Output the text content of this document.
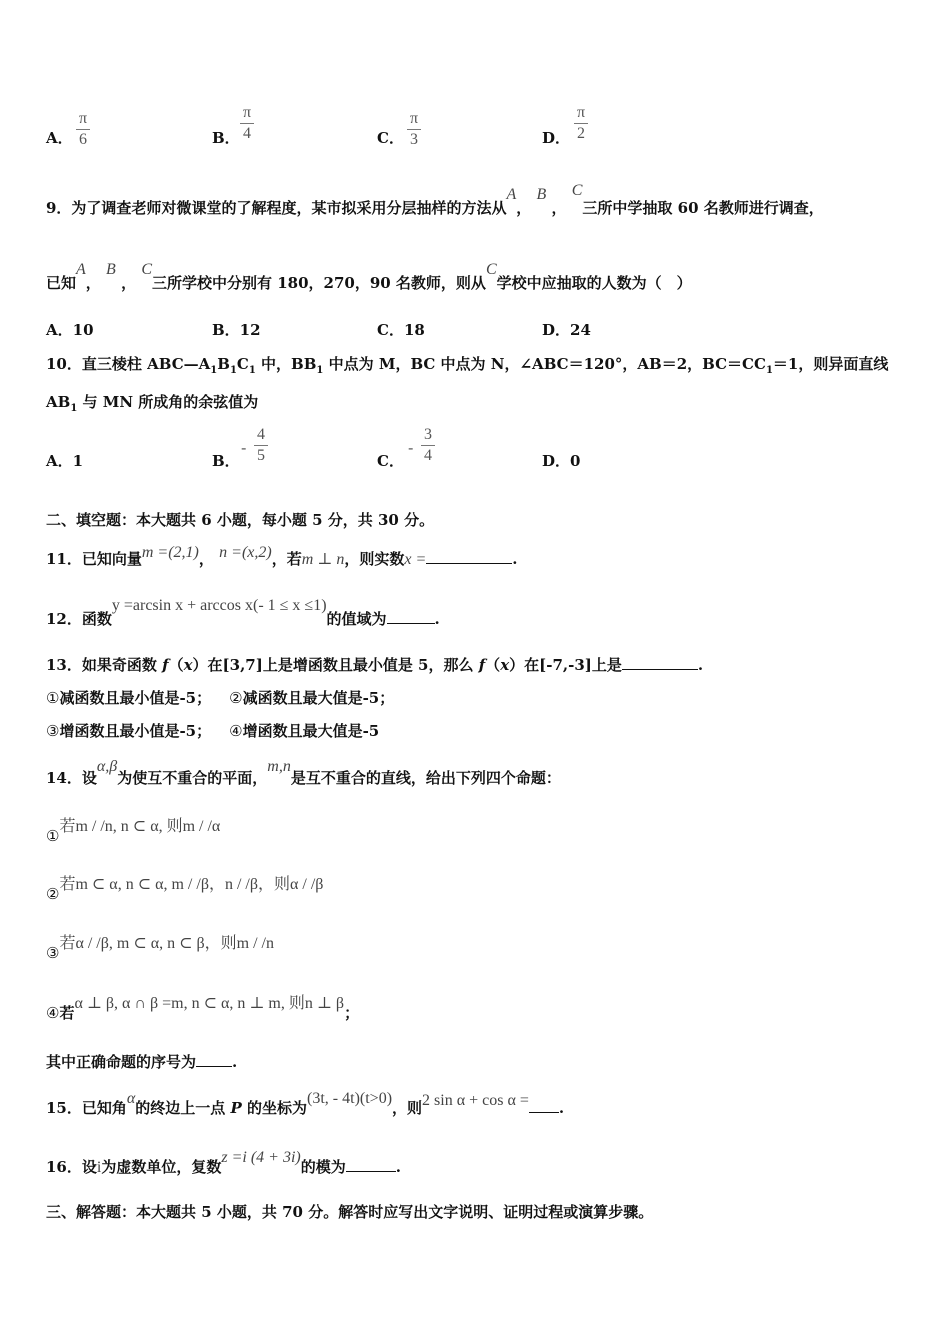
A．
π
6	B．
π
4	C．
π
3	D．
π
2
9．为了调查老师对微课堂的了解程度，某市拟采用分层抽样的方法从A， B ， C三所中学抽取 60 名教师进行调查，
已知A， B ， C三所学校中分别有 180，270，90 名教师，则从C学校中应抽取的人数为（　）
A．10	B．12	C．18	D．24
10．直三棱柱 $ABC—A_1B_1C_1$ 中，$BB_1$ 中点为 M，BC 中点为 N，∠ABC＝120°，AB＝2，$BC=CC_1=1$，则异面直线
$AB_1$ 与 MN 所成角的余弦值为
A．1	B．
-
4
5	C．
-
3
4	D．0
二、填空题：本大题共 6 小题，每小题 5 分，共 30 分。
11．已知向量m =(2,1)， n =(x,2)，若m ⊥ n，则实数x =	.
12．函数y =arcsin x + arccos x(- 1 ≤ x ≤1)的值域为	.
13．如果奇函数 f（x）在[3,7]上是增函数且最小值是 5，那么 f（x）在[-7,-3]上是	.
①减函数且最小值是-5； ②减函数且最大值是-5；
③增函数且最小值是-5； ④增函数且最大值是-5
14．设α,β为使互不重合的平面，m,n是互不重合的直线，给出下列四个命题：
①若m / /n, n ⊂ α, 则m / /α
②若m ⊂ α, n ⊂ α, m / /β，n / /β，则α / /β
③若α / /β, m ⊂ α, n ⊂ β，则m / /n
④若α ⊥ β, α ∩ β =m, n ⊂ α, n ⊥ m, 则n ⊥ β；
其中正确命题的序号为 .
15．已知角α的终边上一点 P 的坐标为(3t, - 4t)(t>0)，则2 sin α + cos α = .
16．设i为虚数单位，复数z =i (4 + 3i)的模为	.
三、解答题：本大题共 5 小题，共 70 分。解答时应写出文字说明、证明过程或演算步骤。
